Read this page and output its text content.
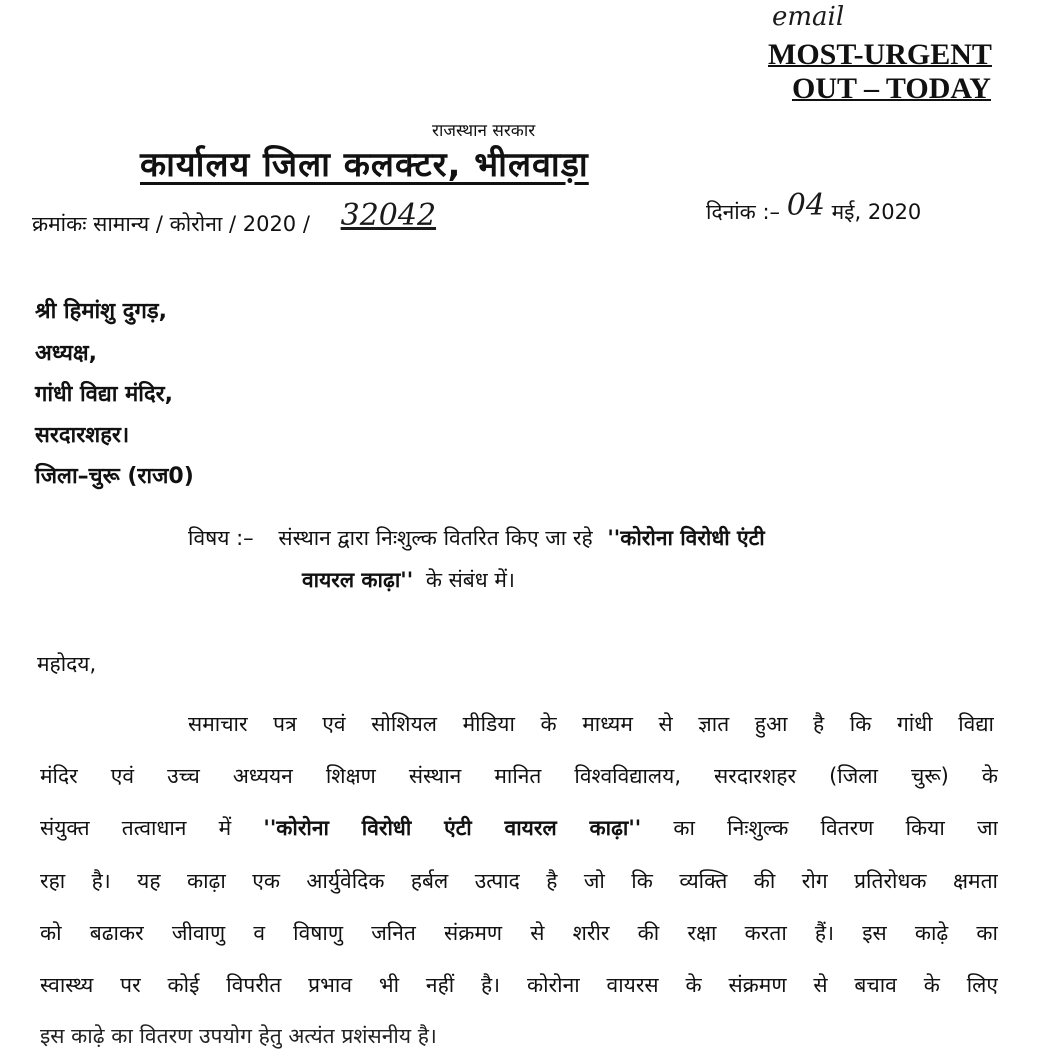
email
MOST-URGENT
OUT – TODAY
राजस्थान सरकार
कार्यालय जिला कलक्टर, भीलवाड़ा
क्रमांकः सामान्य / कोरोना / 2020 / 32042	दिनांक :– 04 मई, 2020
श्री हिमांशु दुगड़,
अध्यक्ष,
गांधी विद्या मंदिर,
सरदारशहर।
जिला–चुरू (राज0)
विषय :– संस्थान द्वारा निःशुल्क वितरित किए जा रहे ''कोरोना विरोधी एंटी
वायरल काढ़ा'' के संबंध में।
महोदय,
समाचार पत्र एवं सोशियल मीडिया के माध्यम से ज्ञात हुआ है कि गांधी विद्या
मंदिर एवं उच्च अध्ययन शिक्षण संस्थान मानित विश्वविद्यालय, सरदारशहर (जिला चुरू) के
संयुक्त तत्वाधान में ''कोरोना विरोधी एंटी वायरल काढ़ा'' का निःशुल्क वितरण किया जा
रहा है। यह काढ़ा एक आर्युवेदिक हर्बल उत्पाद है जो कि व्यक्ति की रोग प्रतिरोधक क्षमता
को बढाकर जीवाणु व विषाणु जनित संक्रमण से शरीर की रक्षा करता हैं। इस काढ़े का
स्वास्थ्य पर कोई विपरीत प्रभाव भी नहीं है। कोरोना वायरस के संक्रमण से बचाव के लिए
इस काढ़े का वितरण उपयोग हेतु अत्यंत प्रशंसनीय है।
